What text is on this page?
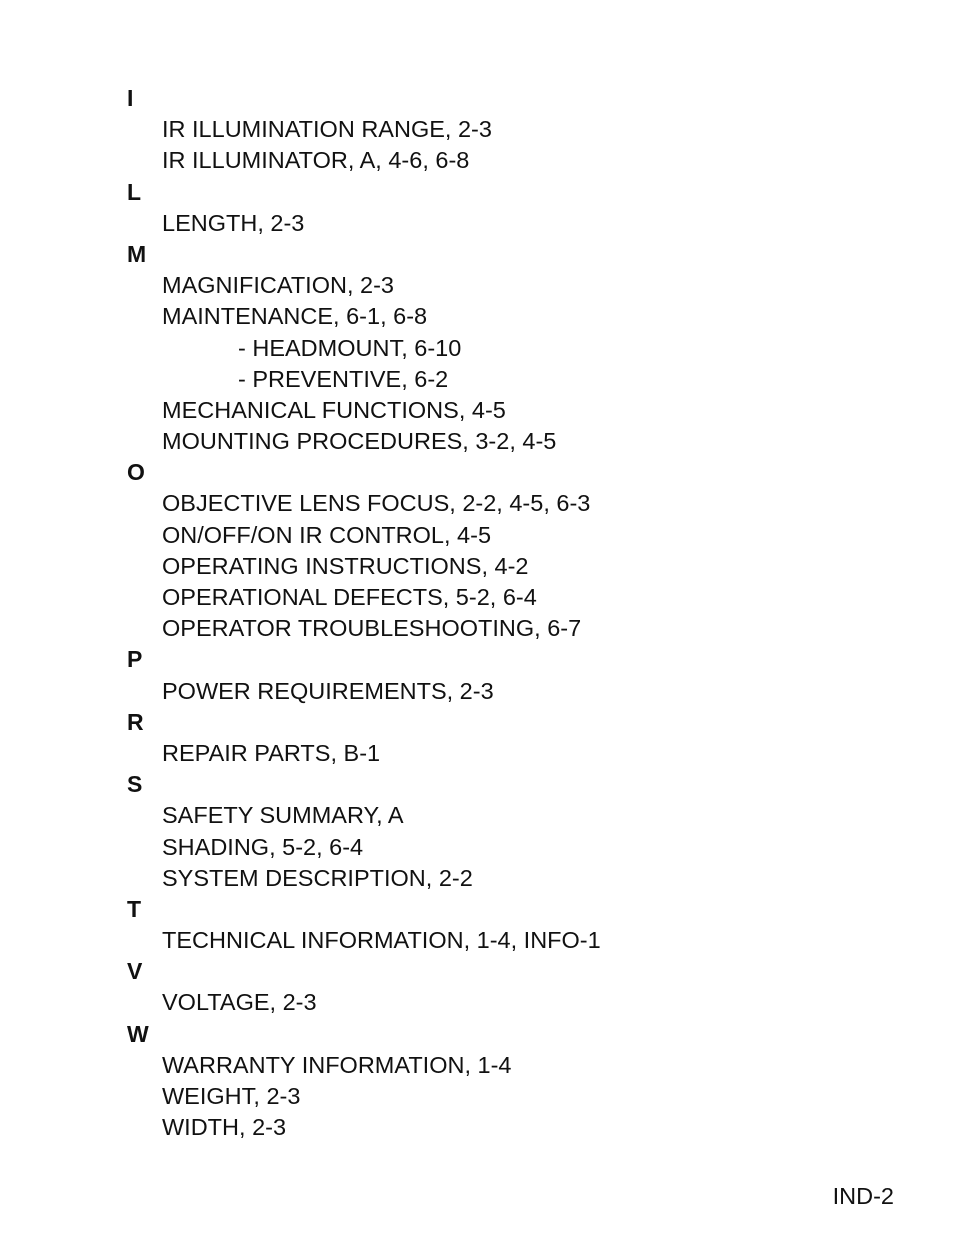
I
IR ILLUMINATION RANGE, 2-3
IR ILLUMINATOR, A, 4-6, 6-8
L
LENGTH, 2-3
M
MAGNIFICATION, 2-3
MAINTENANCE, 6-1, 6-8
- HEADMOUNT, 6-10
- PREVENTIVE, 6-2
MECHANICAL FUNCTIONS, 4-5
MOUNTING PROCEDURES, 3-2, 4-5
O
OBJECTIVE LENS FOCUS, 2-2, 4-5, 6-3
ON/OFF/ON IR CONTROL, 4-5
OPERATING INSTRUCTIONS, 4-2
OPERATIONAL DEFECTS, 5-2, 6-4
OPERATOR TROUBLESHOOTING, 6-7
P
POWER REQUIREMENTS, 2-3
R
REPAIR PARTS, B-1
S
SAFETY SUMMARY, A
SHADING, 5-2, 6-4
SYSTEM DESCRIPTION, 2-2
T
TECHNICAL INFORMATION, 1-4, INFO-1
V
VOLTAGE, 2-3
W
WARRANTY INFORMATION, 1-4
WEIGHT, 2-3
WIDTH, 2-3
IND-2
